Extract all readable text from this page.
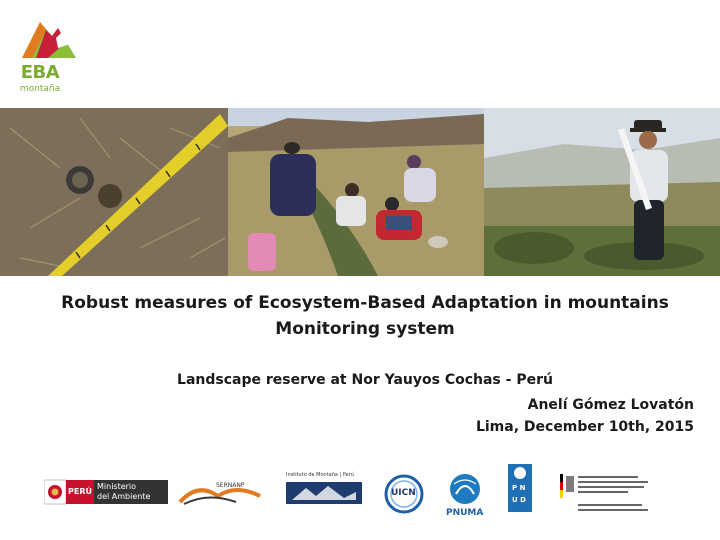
EBA
montaña
Robust measures of Ecosystem-Based Adaptation in mountains
Monitoring system
Landscape reserve at Nor Yauyos Cochas - Perú
Anelí Gómez Lovatón
Lima, December 10th, 2015
PERÚ
Ministerio
del Ambiente
SERNANP
Instituto de Montaña | Perú
UICN
PNUMA
P N
U D
